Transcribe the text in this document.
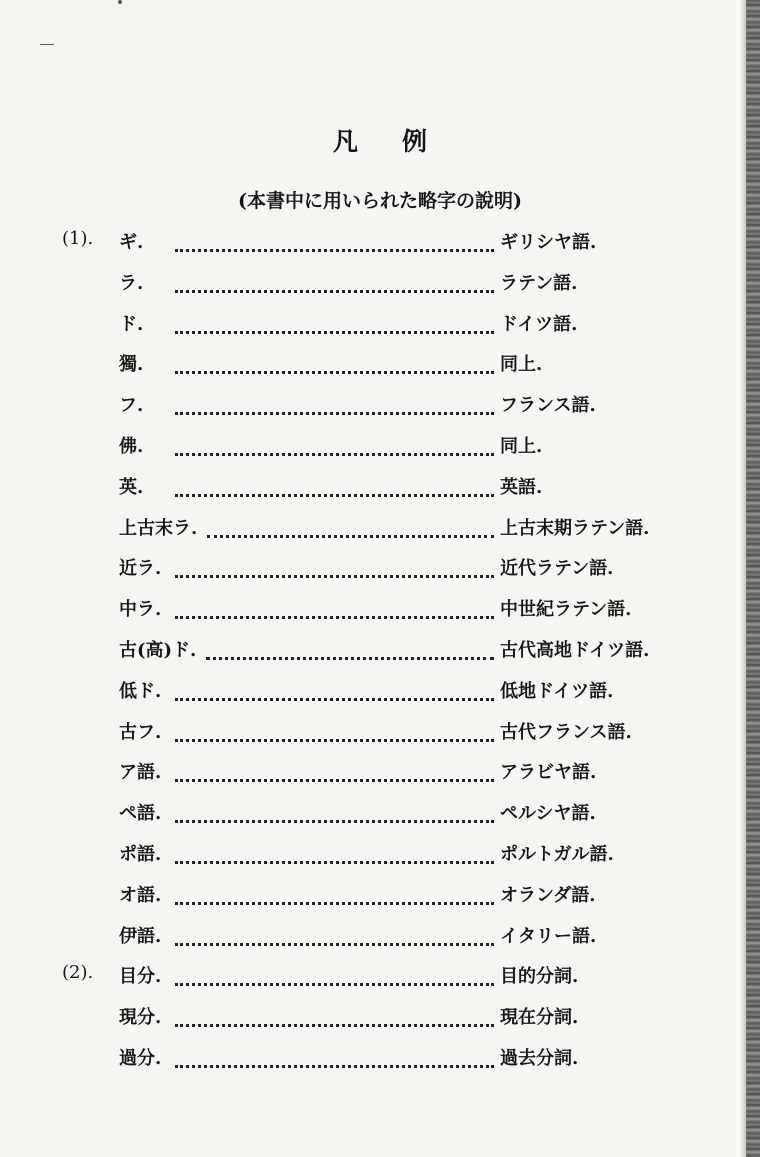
凡 例
(本書中に用いられた略字の說明)
(1). ギ.	ギリシヤ語.
ラ.	ラテン語.
ド.	ドイツ語.
獨.	同上.
フ.	フランス語.
佛.	同上.
英.	英語.
上古末ラ.	上古末期ラテン語.
近ラ.	近代ラテン語.
中ラ.	中世紀ラテン語.
古(高)ド.	古代高地ドイツ語.
低ド.	低地ドイツ語.
古フ.	古代フランス語.
ア語.	アラビヤ語.
ペ語.	ペルシヤ語.
ポ語.	ポルトガル語.
オ語.	オランダ語.
伊語.	イタリー語.
(2). 目分.	目的分詞.
現分.	現在分詞.
過分.	過去分詞.
